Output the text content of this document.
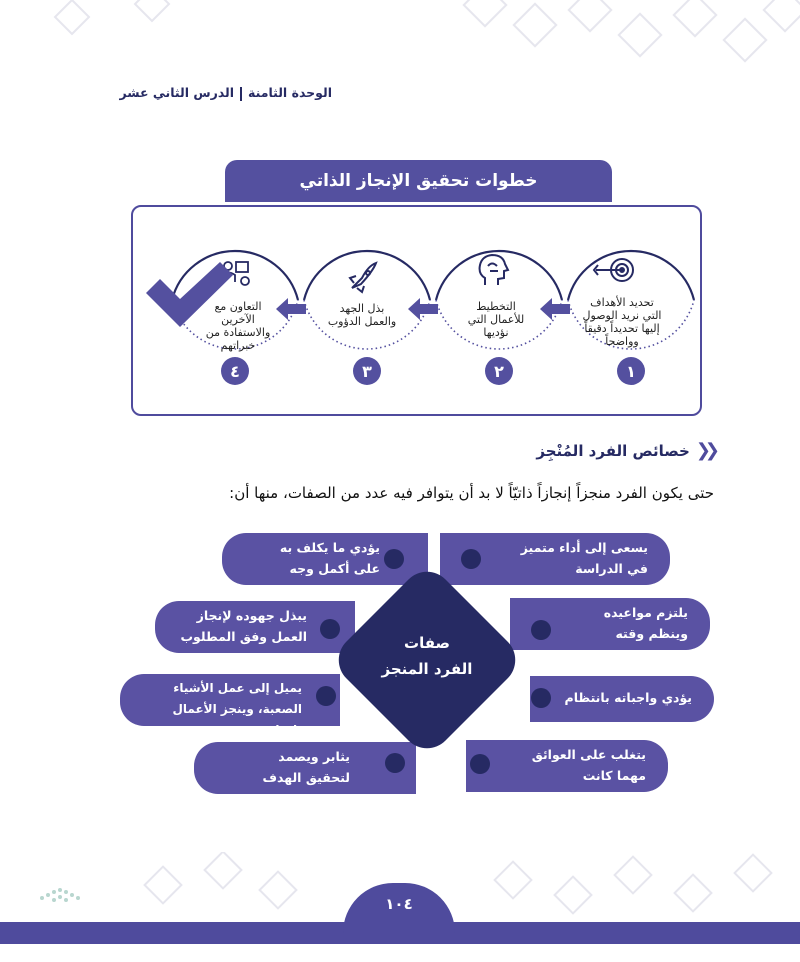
الوحدة الثامنةالدرس الثاني عشر
خطوات تحقيق الإنجاز الذاتي
تحديد الأهداف
التي نريد الوصول
إليها تحديداً دقيقاً
وواضحاً
التخطيط
للأعمال التي
نؤديها
بذل الجهد
والعمل الدؤوب
التعاون مع
الآخرين
والاستفادة من
خبراتهم
١
٢
٣
٤
❮❮
خصائص الفرد المُنْجِز
حتى يكون الفرد منجزاً إنجازاً ذاتيّاً لا بد أن يتوافر فيه عدد من الصفات، منها أن:
يسعى إلى أداء متميز
في الدراسة
يلتزم مواعيده
وينظم وقته
يؤدي واجباته بانتظام
يتغلب على العوائق
مهما كانت
يؤدي ما يكلف به
على أكمل وجه
يبذل جهوده لإنجاز
العمل وفق المطلوب
يميل إلى عمل الأشياء
الصعبة، وينجز الأعمال بإتقان
يثابر ويصمد
لتحقيق الهدف
صفات
الفرد المنجز
١٠٤
